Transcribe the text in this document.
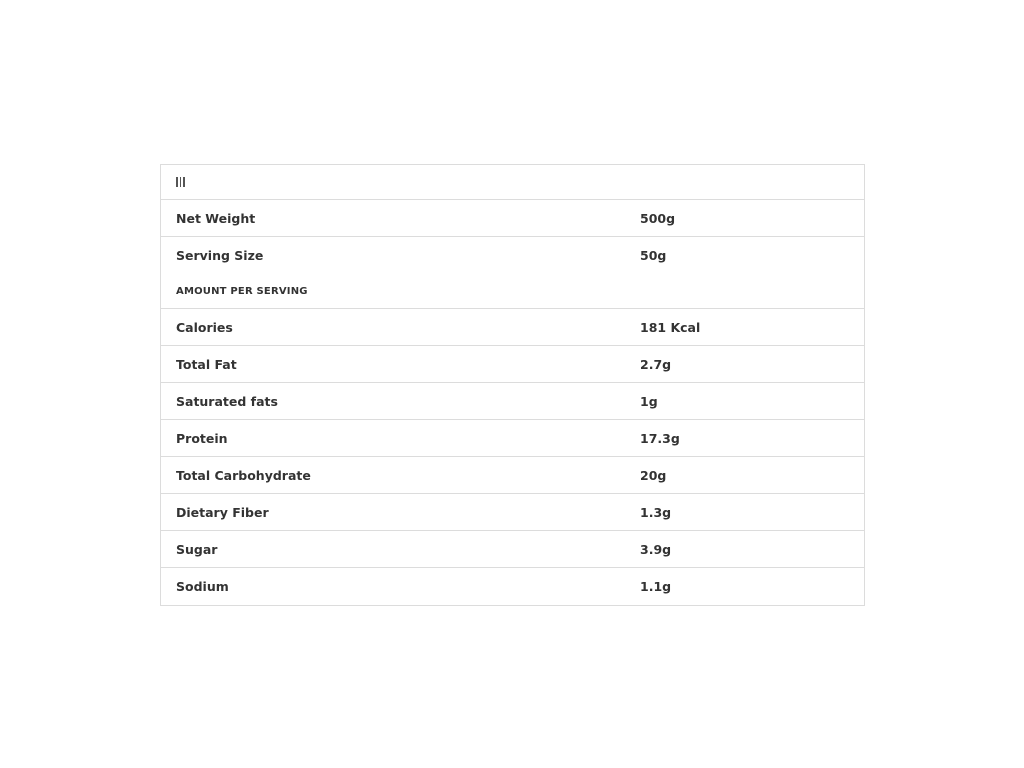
Net Weight	500g
Serving Size	50g
AMOUNT PER SERVING
Calories	181 Kcal
Total Fat	2.7g
Saturated fats	1g
Protein	17.3g
Total Carbohydrate	20g
Dietary Fiber	1.3g
Sugar	3.9g
Sodium	1.1g
